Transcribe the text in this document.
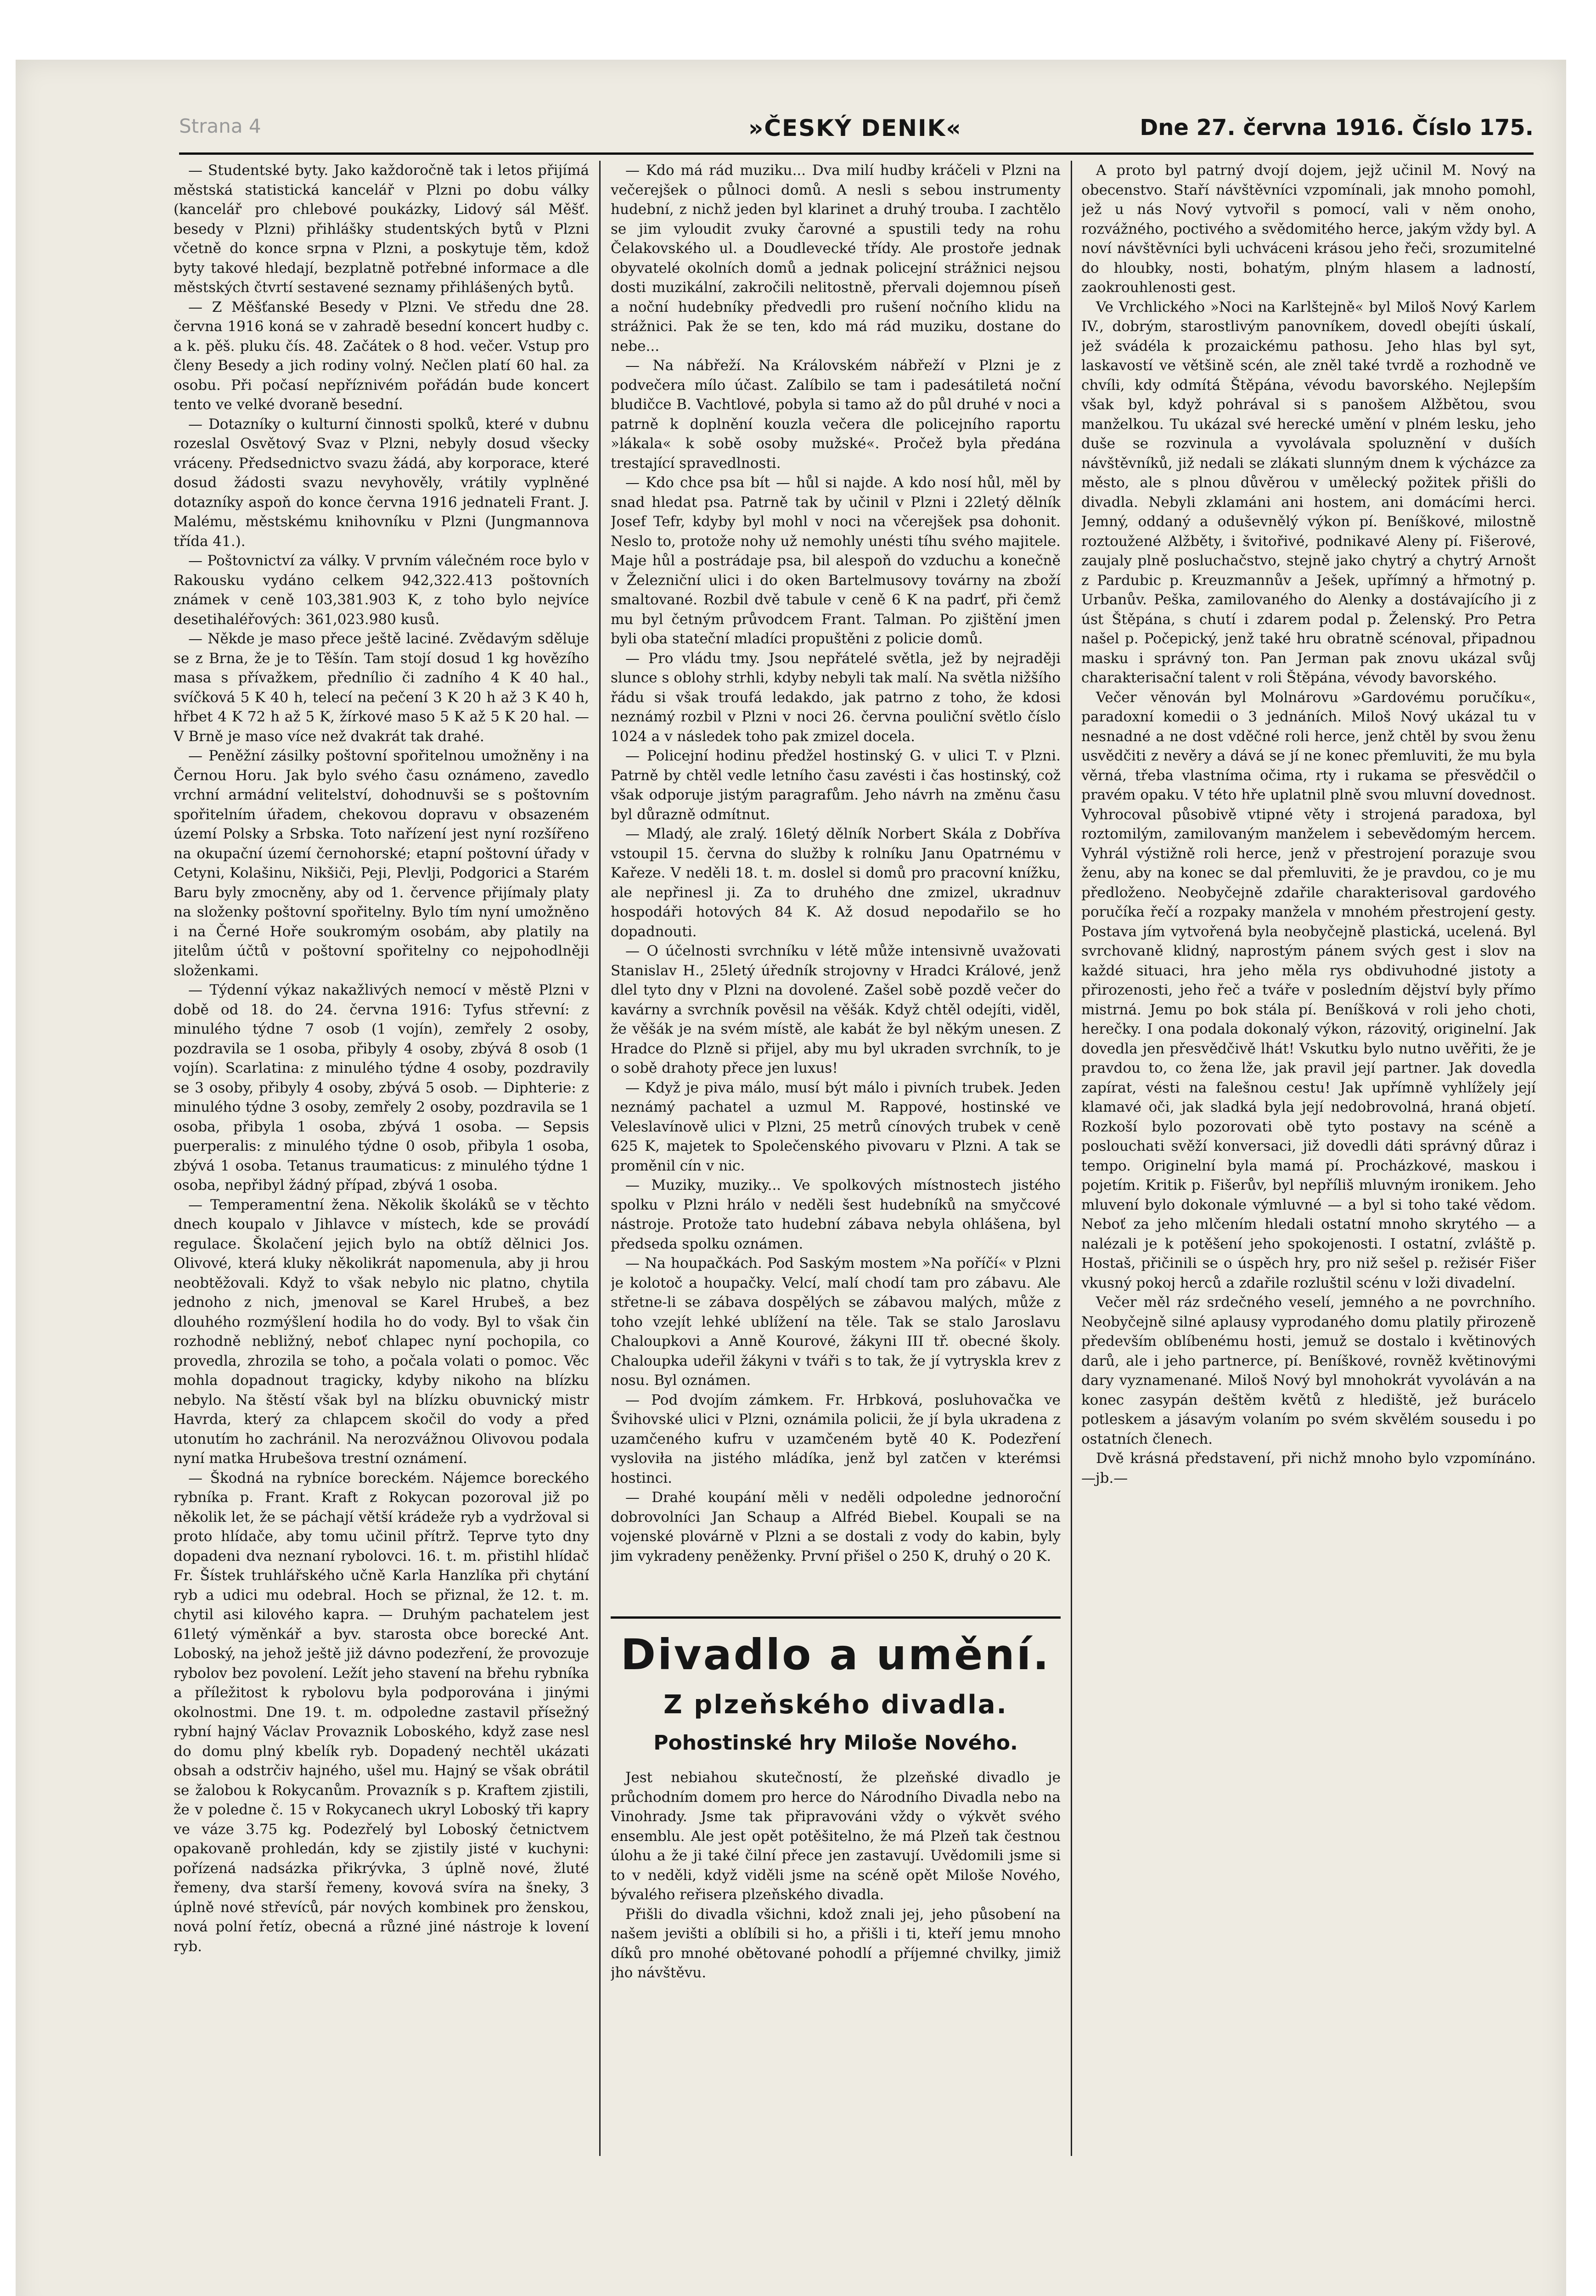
Strana 4	»ČESKÝ DENIK«	Dne 27. června 1916. Číslo 175.

— Studentské byty. Jako každoročně tak i letos přijímá městská statistická kancelář v Plzni po dobu války (kancelář pro chlebové poukázky, Lidový sál Měšť. besedy v Plzni) přihlášky studentských bytů v Plzni včetně do konce srpna v Plzni, a poskytuje těm, kdož byty takové hledají, bezplatně potřebné informace a dle městských čtvrtí sestavené seznamy přihlášených bytů.

— Z Měšťanské Besedy v Plzni. Ve středu dne 28. června 1916 koná se v zahradě besední koncert hudby c. a k. pěš. pluku čís. 48. Začátek o 8 hod. večer. Vstup pro členy Besedy a jich rodiny volný. Nečlen platí 60 hal. za osobu. Při počasí nepříznivém pořádán bude koncert tento ve velké dvoraně besední.

— Dotazníky o kulturní činnosti spolků, které v dubnu rozeslal Osvětový Svaz v Plzni, nebyly dosud všecky vráceny. Předsednictvo svazu žádá, aby korporace, které dosud žádosti svazu nevyhověly, vrátily vyplněné dotazníky aspoň do konce června 1916 jednateli Frant. J. Malému, městskému knihovníku v Plzni (Jungmannova třída 41.).

— Poštovnictví za války. V prvním válečném roce bylo v Rakousku vydáno celkem 942,322.413 poštovních známek v ceně 103,381.903 K, z toho bylo nejvíce desetihaléřových: 361,023.980 kusů.

— Někde je maso přece ještě laciné. Zvědavým sděluje se z Brna, že je to Těšín. Tam stojí dosud 1 kg hovězího masa s přívažkem, přednílio či zadního 4 K 40 hal., svíčková 5 K 40 h, telecí na pečení 3 K 20 h až 3 K 40 h, hřbet 4 K 72 h až 5 K, žírkové maso 5 K až 5 K 20 hal. — V Brně je maso více než dvakrát tak drahé.

— Peněžní zásilky poštovní spořitelnou umožněny i na Černou Horu. Jak bylo svého času oznámeno, zavedlo vrchní armádní velitelství, dohodnuvši se s poštovním spořitelním úřadem, chekovou dopravu v obsazeném území Polsky a Srbska. Toto nařízení jest nyní rozšířeno na okupační území černohorské; etapní poštovní úřady v Cetyni, Kolašinu, Nikšiči, Peji, Plevlji, Podgorici a Starém Baru byly zmocněny, aby od 1. července přijímaly platy na složenky poštovní spořitelny. Bylo tím nyní umožněno i na Černé Hoře soukromým osobám, aby platily na jitelům účtů v poštovní spořitelny co nejpohodlněji složenkami.

— Týdenní výkaz nakažlivých nemocí v městě Plzni v době od 18. do 24. června 1916: Tyfus střevní: z minulého týdne 7 osob (1 vojín), zemřely 2 osoby, pozdravila se 1 osoba, přibyly 4 osoby, zbývá 8 osob (1 vojín). Scarlatina: z minulého týdne 4 osoby, pozdravily se 3 osoby, přibyly 4 osoby, zbývá 5 osob. — Diphterie: z minulého týdne 3 osoby, zemřely 2 osoby, pozdravila se 1 osoba, přibyla 1 osoba, zbývá 1 osoba. — Sepsis puerperalis: z minulého týdne 0 osob, přibyla 1 osoba, zbývá 1 osoba. Tetanus traumaticus: z minulého týdne 1 osoba, nepřibyl žádný případ, zbývá 1 osoba.

— Temperamentní žena. Několik školáků se v těchto dnech koupalo v Jihlavce v místech, kde se provádí regulace. Školačení jejich bylo na obtíž dělnici Jos. Olivové, která kluky několikrát napomenula, aby ji hrou neobtěžovali. Když to však nebylo nic platno, chytila jednoho z nich, jmenoval se Karel Hrubeš, a bez dlouhého rozmýšlení hodila ho do vody. Byl to však čin rozhodně nebližný, neboť chlapec nyní pochopila, co provedla, zhrozila se toho, a počala volati o pomoc. Věc mohla dopadnout tragicky, kdyby nikoho na blízku nebylo. Na štěstí však byl na blízku obuvnický mistr Havrda, který za chlapcem skočil do vody a před utonutím ho zachránil. Na nerozvážnou Olivovou podala nyní matka Hrubešova trestní oznámení.

— Škodná na rybníce boreckém. Nájemce boreckého rybníka p. Frant. Kraft z Rokycan pozoroval již po několik let, že se páchají větší krádeže ryb a vydržoval si proto hlídače, aby tomu učinil přítrž. Teprve tyto dny dopadeni dva neznaní rybolovci. 16. t. m. přistihl hlídač Fr. Šístek truhlářského učně Karla Hanzlíka při chytání ryb a udici mu odebral. Hoch se přiznal, že 12. t. m. chytil asi kilového kapra. — Druhým pachatelem jest 61letý výměnkář a byv. starosta obce borecké Ant. Loboský, na jehož ještě již dávno podezření, že provozuje rybolov bez povolení. Ležít jeho stavení na břehu rybníka a příležitost k rybolovu byla podporována i jinými okolnostmi. Dne 19. t. m. odpoledne zastavil přísežný rybní hajný Václav Provaznik Loboského, když zase nesl do domu plný kbelík ryb. Dopadený nechtěl ukázati obsah a odstrčiv hajného, ušel mu. Hajný se však obrátil se žalobou k Rokycanům. Provazník s p. Kraftem zjistili, že v poledne č. 15 v Rokycanech ukryl Loboský tři kapry ve váze 3.75 kg. Podezřelý byl Loboský četnictvem opakovaně prohledán, kdy se zjistily jisté v kuchyni: pořízená nadsázka přikrývka, 3 úplně nové, žluté řemeny, dva starší řemeny, kovová svíra na šneky, 3 úplně nové střevíců, pár nových kombinek pro ženskou, nová polní řetíz, obecná a různé jiné nástroje k lovení ryb.

— Kdo má rád muziku... Dva milí hudby kráčeli v Plzni na večerejšek o půlnoci domů. A nesli s sebou instrumenty hudební, z nichž jeden byl klarinet a druhý trouba. I zachtělo se jim vyloudit zvuky čarovné a spustili tedy na rohu Čelakovského ul. a Doudlevecké třídy. Ale prostoře jednak obyvatelé okolních domů a jednak policejní strážnici nejsou dosti muzikální, zakročili nelitostně, přervali dojemnou píseň a noční hudebníky předvedli pro rušení nočního klidu na strážnici. Pak že se ten, kdo má rád muziku, dostane do nebe...

— Na nábřeží. Na Královském nábřeží v Plzni je z podvečera mílo účast. Zalíbilo se tam i padesátiletá noční bludičce B. Vachtlové, pobyla si tamo až do půl druhé v noci a patrně k doplnění kouzla večera dle policejního raportu »lákala« k sobě osoby mužské«. Pročež byla předána trestající spravedlnosti.

— Kdo chce psa bít — hůl si najde. A kdo nosí hůl, měl by snad hledat psa. Patrně tak by učinil v Plzni i 22letý dělník Josef Tefr, kdyby byl mohl v noci na včerejšek psa dohonit. Neslo to, protože nohy už nemohly unésti tíhu svého majitele. Maje hůl a postrádaje psa, bil alespoň do vzduchu a konečně v Železniční ulici i do oken Bartelmusovy továrny na zboží smaltované. Rozbil dvě tabule v ceně 6 K na padrť, při čemž mu byl četným průvodcem Frant. Talman. Po zjištění jmen byli oba stateční mladíci propuštěni z policie domů.

— Pro vládu tmy. Jsou nepřátelé světla, jež by nejraději slunce s oblohy strhli, kdyby nebyli tak malí. Na světla nižšího řádu si však troufá ledakdo, jak patrno z toho, že kdosi neznámý rozbil v Plzni v noci 26. června pouliční světlo číslo 1024 a v následek toho pak zmizel docela.

— Policejní hodinu předžel hostinský G. v ulici T. v Plzni. Patrně by chtěl vedle letního času zavésti i čas hostinský, což však odporuje jistým paragrafům. Jeho návrh na změnu času byl důrazně odmítnut.

— Mladý, ale zralý. 16letý dělník Norbert Skála z Dobříva vstoupil 15. června do služby k rolníku Janu Opatrnému v Kařeze. V neděli 18. t. m. doslel si domů pro pracovní knížku, ale nepřinesl ji. Za to druhého dne zmizel, ukradnuv hospodáři hotových 84 K. Až dosud nepodařilo se ho dopadnouti.

— O účelnosti svrchníku v létě může intensivně uvažovati Stanislav H., 25letý úředník strojovny v Hradci Králové, jenž dlel tyto dny v Plzni na dovolené. Zašel sobě pozdě večer do kavárny a svrchník pověsil na věšák. Když chtěl odejíti, viděl, že věšák je na svém místě, ale kabát že byl někým unesen. Z Hradce do Plzně si přijel, aby mu byl ukraden svrchník, to je o sobě drahoty přece jen luxus!

— Když je piva málo, musí být málo i pivních trubek. Jeden neznámý pachatel a uzmul M. Rappové, hostinské ve Veleslavínově ulici v Plzni, 25 metrů cínových trubek v ceně 625 K, majetek to Společenského pivovaru v Plzni. A tak se proměnil cín v nic.

— Muziky, muziky... Ve spolkových místnostech jistého spolku v Plzni hrálo v neděli šest hudebníků na smyčcové nástroje. Protože tato hudební zábava nebyla ohlášena, byl předseda spolku oznámen.

— Na houpačkách. Pod Saským mostem »Na poříčí« v Plzni je kolotoč a houpačky. Velcí, malí chodí tam pro zábavu. Ale střetne-li se zábava dospělých se zábavou malých, může z toho vzejít lehké ublížení na těle. Tak se stalo Jaroslavu Chaloupkovi a Anně Kourové, žákyni III tř. obecné školy. Chaloupka udeřil žákyni v tváři s to tak, že jí vytryskla krev z nosu. Byl oznámen.

— Pod dvojím zámkem. Fr. Hrbková, posluhovačka ve Švihovské ulici v Plzni, oznámila policii, že jí byla ukradena z uzamčeného kufru v uzamčeném bytě 40 K. Podezření vysloviła na jistého mládíka, jenž byl zatčen v kterémsi hostinci.

— Drahé koupání měli v neděli odpoledne jednoroční dobrovolníci Jan Schaup a Alfréd Biebel. Koupali se na vojenské plovárně v Plzni a se dostali z vody do kabin, byly jim vykradeny peněženky. První přišel o 250 K, druhý o 20 K.

Divadlo a umění.
Z plzeňského divadla.
Pohostinské hry Miloše Nového.

Jest nebiahou skutečností, že plzeňské divadlo je průchodním domem pro herce do Národního Divadla nebo na Vinohrady. Jsme tak připravováni vždy o výkvět svého ensemblu. Ale jest opět potěšitelno, že má Plzeň tak čestnou úlohu a že ji také čilní přece jen zastavují. Uvědomili jsme si to v neděli, když viděli jsme na scéně opět Miloše Nového, bývalého reřisera plzeňského divadla.

Přišli do divadla všichni, kdož znali jej, jeho působení na našem jevišti a oblíbili si ho, a přišli i ti, kteří jemu mnoho díků pro mnohé obětované pohodlí a příjemné chvilky, jimiž jho návštěvu.

A proto byl patrný dvojí dojem, jejž učinil M. Nový na obecenstvo. Staří návštěvníci vzpomínali, jak mnoho pomohl, jež u nás Nový vytvořil s pomocí, vali v něm onoho, rozvážného, poctivého a svědomitého herce, jakým vždy byl. A noví návštěvníci byli uchváceni krásou jeho řeči, srozumitelné do hloubky, nosti, bohatým, plným hlasem a ladností, zaokrouhlenosti gest.

Ve Vrchlického »Noci na Karlštejně« byl Miloš Nový Karlem IV., dobrým, starostlivým panovníkem, dovedl obejíti úskalí, jež svádéla k prozaickému pathosu. Jeho hlas byl syt, laskavostí ve většině scén, ale zněl také tvrdě a rozhodně ve chvíli, kdy odmítá Štěpána, vévodu bavorského. Nejlepším však byl, když pohrával si s panošem Alžbětou, svou manželkou. Tu ukázal své herecké umění v plném lesku, jeho duše se rozvinula a vyvolávala spoluznění v duších návštěvníků, již nedali se zlákati slunným dnem k výcházce za město, ale s plnou důvěrou v umělecký požitek přišli do divadla. Nebyli zklamáni ani hostem, ani domácími herci. Jemný, oddaný a oduševnělý výkon pí. Beníškové, milostně roztoužené Alžběty, i švitořivé, podnikavé Aleny pí. Fišerové, zaujaly plně posluchačstvo, stejně jako chytrý a chytrý Arnošt z Pardubic p. Kreuzmannův a Ješek, upřímný a hřmotný p. Urbanův. Peška, zamilovaného do Alenky a dostávajícího ji z úst Štěpána, s chutí i zdarem podal p. Želenský. Pro Petra našel p. Počepický, jenž také hru obratně scénoval, připadnou masku i správný ton. Pan Jerman pak znovu ukázal svůj charakterisační talent v roli Štěpána, vévody bavorského.

Večer věnován byl Molnárovu »Gardovému poručíku«, paradoxní komedii o 3 jednáních. Miloš Nový ukázal tu v nesnadné a ne dost vděčné roli herce, jenž chtěl by svou ženu usvědčiti z nevěry a dává se jí ne konec přemluviti, že mu byla věrná, třeba vlastníma očima, rty i rukama se přesvědčil o pravém opaku. V této hře uplatnil plně svou mluvní dovednost. Vyhrocoval působivě vtipné věty i strojená paradoxa, byl roztomilým, zamilovaným manželem i sebevědomým hercem. Vyhrál výstižně roli herce, jenž v přestrojení porazuje svou ženu, aby na konec se dal přemluviti, že je pravdou, co je mu předloženo. Neobyčejně zdařile charakterisoval gardového poručíka řečí a rozpaky manžela v mnohém přestrojení gesty. Postava jím vytvořená byla neobyčejně plastická, ucelená. Byl svrchovaně klidný, naprostým pánem svých gest i slov na každé situaci, hra jeho měla rys obdivuhodné jistoty a přirozenosti, jeho řeč a tváře v posledním dějství byly přímo mistrná. Jemu po bok stála pí. Beníšková v roli jeho choti, herečky. I ona podala dokonalý výkon, rázovitý, originelní. Jak dovedla jen přesvědčivě lhát! Vskutku bylo nutno uvěřiti, že je pravdou to, co žena lže, jak pravil její partner. Jak dovedla zapírat, vésti na falešnou cestu! Jak upřímně vyhlížely její klamavé oči, jak sladká byla její nedobrovolná, hraná objetí. Rozkoší bylo pozorovati obě tyto postavy na scéně a poslouchati svěží konversaci, již dovedli dáti správný důraz i tempo. Originelní byla mamá pí. Procházkové, maskou i pojetím. Kritik p. Fišerův, byl nepříliš mluvným ironikem. Jeho mluvení bylo dokonale výmluvné — a byl si toho také vědom. Neboť za jeho mlčením hledali ostatní mnoho skrytého — a nalézali je k potěšení jeho spokojenosti. I ostatní, zvláště p. Hostaš, přičinili se o úspěch hry, pro niž sešel p. režisér Fišer vkusný pokoj herců a zdařile rozluštil scénu v loži divadelní.

Večer měl ráz srdečného veselí, jemného a ne povrchního. Neobyčejně silné aplausy vyprodaného domu platily přirozeně především oblíbenému hosti, jemuž se dostalo i květinových darů, ale i jeho partnerce, pí. Beníškové, rovněž květinovými dary vyznamenané. Miloš Nový byl mnohokrát vyvoláván a na konec zasypán deštěm květů z hlediště, jež burácelo potleskem a jásavým volaním po svém skvělém sousedu i po ostatních členech.

Dvě krásná představení, při nichž mnoho bylo vzpomínáno. —jb.—
